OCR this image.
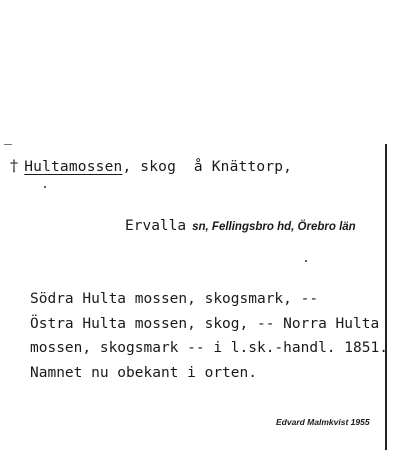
† Hultamossen, skog  å Knättorp,
Ervalla sn, Fellingsbro hd, Örebro län
Södra Hulta mossen, skogsmark, --
Östra Hulta mossen, skog, -- Norra Hulta
mossen, skogsmark -- i l.sk.-handl. 1851.
Namnet nu obekant i orten.
Edvard Malmkvist 1955
